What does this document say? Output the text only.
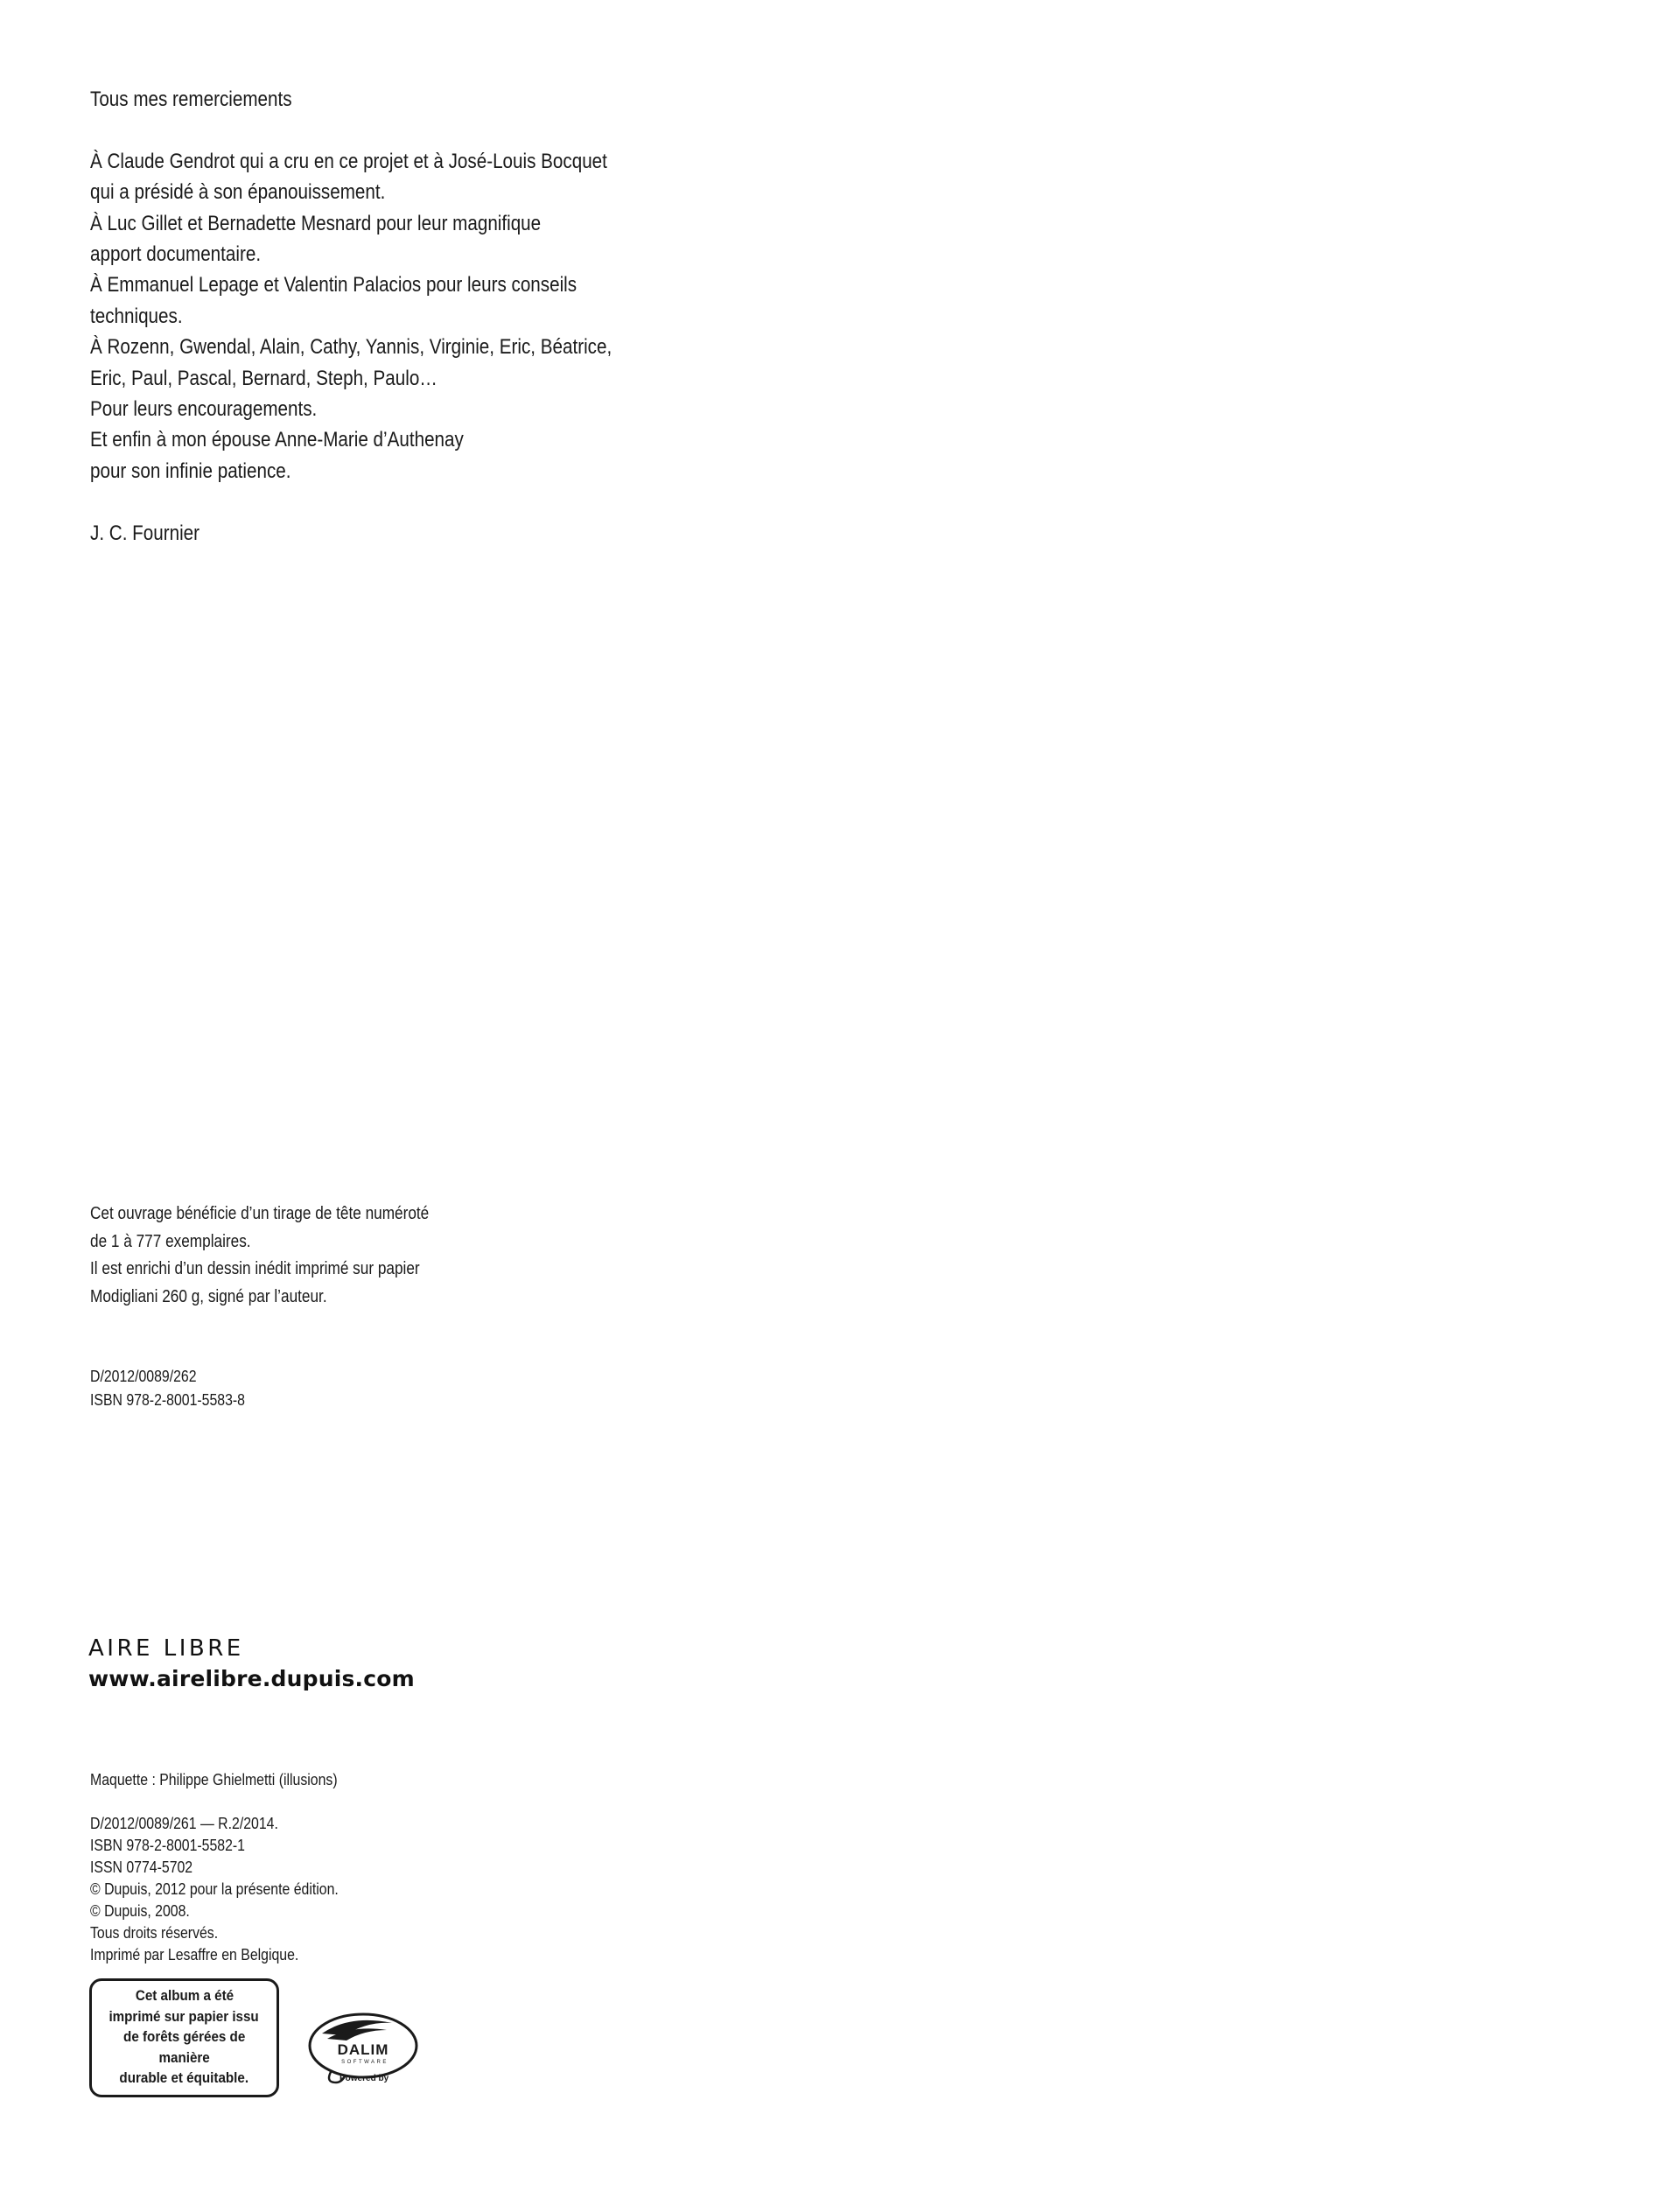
Tous mes remerciements
À Claude Gendrot qui a cru en ce projet et à José-Louis Bocquet
qui a présidé à son épanouissement.
À Luc Gillet et Bernadette Mesnard pour leur magnifique
apport documentaire.
À Emmanuel Lepage et Valentin Palacios pour leurs conseils
techniques.
À Rozenn, Gwendal, Alain, Cathy, Yannis, Virginie, Eric, Béatrice,
Eric, Paul, Pascal, Bernard, Steph, Paulo…
Pour leurs encouragements.
Et enfin à mon épouse Anne-Marie d’Authenay
pour son infinie patience.
J. C. Fournier
Cet ouvrage bénéficie d’un tirage de tête numéroté
de 1 à 777 exemplaires.
Il est enrichi d’un dessin inédit imprimé sur papier
Modigliani 260 g, signé par l’auteur.
D/2012/0089/262
ISBN 978-2-8001-5583-8
AIRE LIBRE
www.airelibre.dupuis.com
Maquette : Philippe Ghielmetti (illusions)
D/2012/0089/261 — R.2/2014.
ISBN 978-2-8001-5582-1
ISSN 0774-5702
© Dupuis, 2012 pour la présente édition.
© Dupuis, 2008.
Tous droits réservés.
Imprimé par Lesaffre en Belgique.
Cet album a été
imprimé sur papier issu
de forêts gérées de
manière
durable et équitable.
DALIM
SOFTWARE
Powered by
